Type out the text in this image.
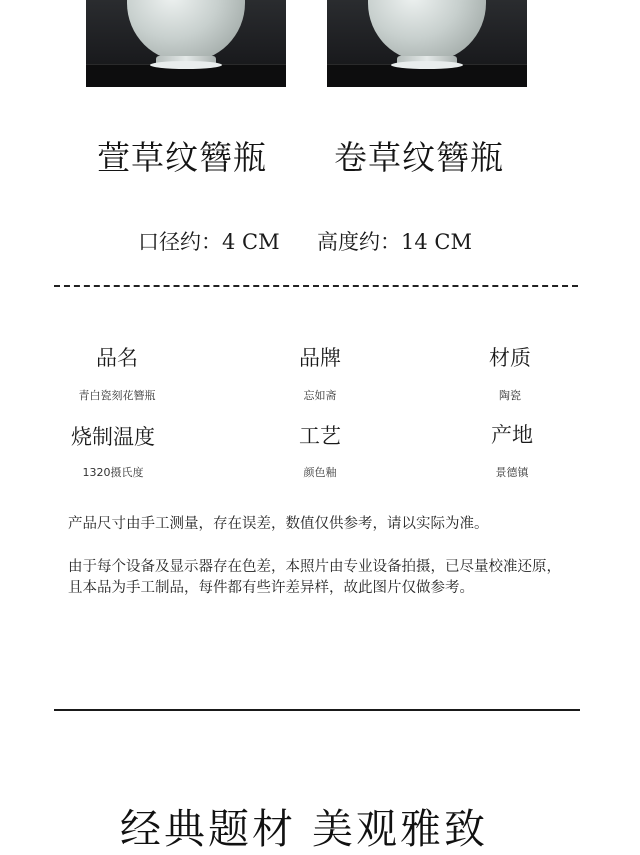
萱草纹簪瓶 卷草纹簪瓶
口径约：4 CM 高度约：14 CM
品名
青白瓷刻花簪瓶
品牌
忘如斋
材质
陶瓷
烧制温度
1320摄氏度
工艺
颜色釉
产地
景德镇
产品尺寸由手工测量，存在误差，数值仅供参考，请以实际为准。
由于每个设备及显示器存在色差，本照片由专业设备拍摄，已尽量校准还原，且本品为手工制品，每件都有些许差异样，故此图片仅做参考。
经典题材 美观雅致
